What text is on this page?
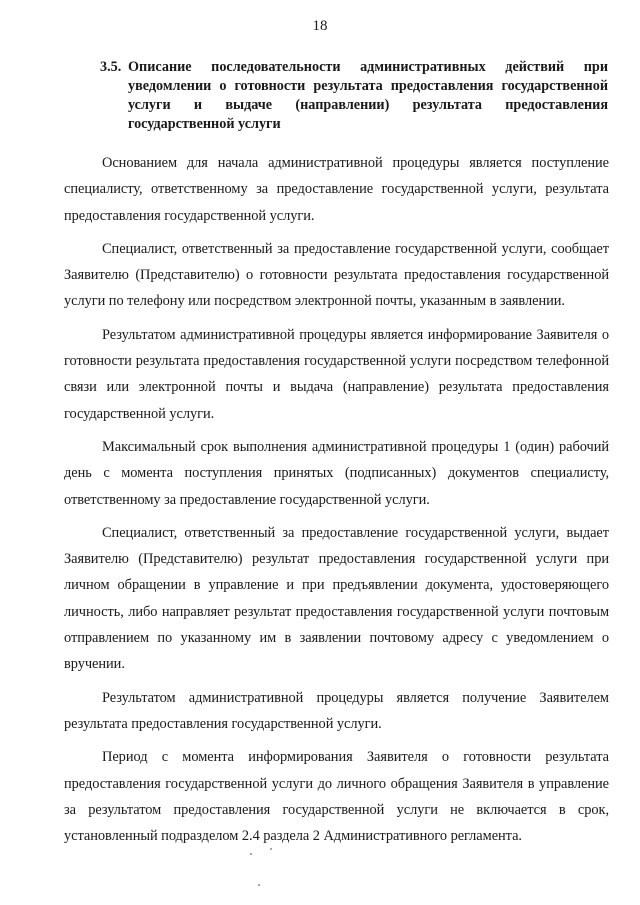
18
3.5. Описание последовательности административных действий при уведомлении о готовности результата предоставления государственной услуги и выдаче (направлении) результата предоставления государственной услуги

Основанием для начала административной процедуры является поступление специалисту, ответственному за предоставление государственной услуги, результата предоставления государственной услуги.

Специалист, ответственный за предоставление государственной услуги, сообщает Заявителю (Представителю) о готовности результата предоставления государственной услуги по телефону или посредством электронной почты, указанным в заявлении.

Результатом административной процедуры является информирование Заявителя о готовности результата предоставления государственной услуги посредством телефонной связи или электронной почты и выдача (направление) результата предоставления государственной услуги.

Максимальный срок выполнения административной процедуры 1 (один) рабочий день с момента поступления принятых (подписанных) документов специалисту, ответственному за предоставление государственной услуги.

Специалист, ответственный за предоставление государственной услуги, выдает Заявителю (Представителю) результат предоставления государственной услуги при личном обращении в управление и при предъявлении документа, удостоверяющего личность, либо направляет результат предоставления государственной услуги почтовым отправлением по указанному им в заявлении почтовому адресу с уведомлением о вручении.

Результатом административной процедуры является получение Заявителем результата предоставления государственной услуги.

Период с момента информирования Заявителя о готовности результата предоставления государственной услуги до личного обращения Заявителя в управление за результатом предоставления государственной услуги не включается в срок, установленный подразделом 2.4 раздела 2 Административного регламента.
